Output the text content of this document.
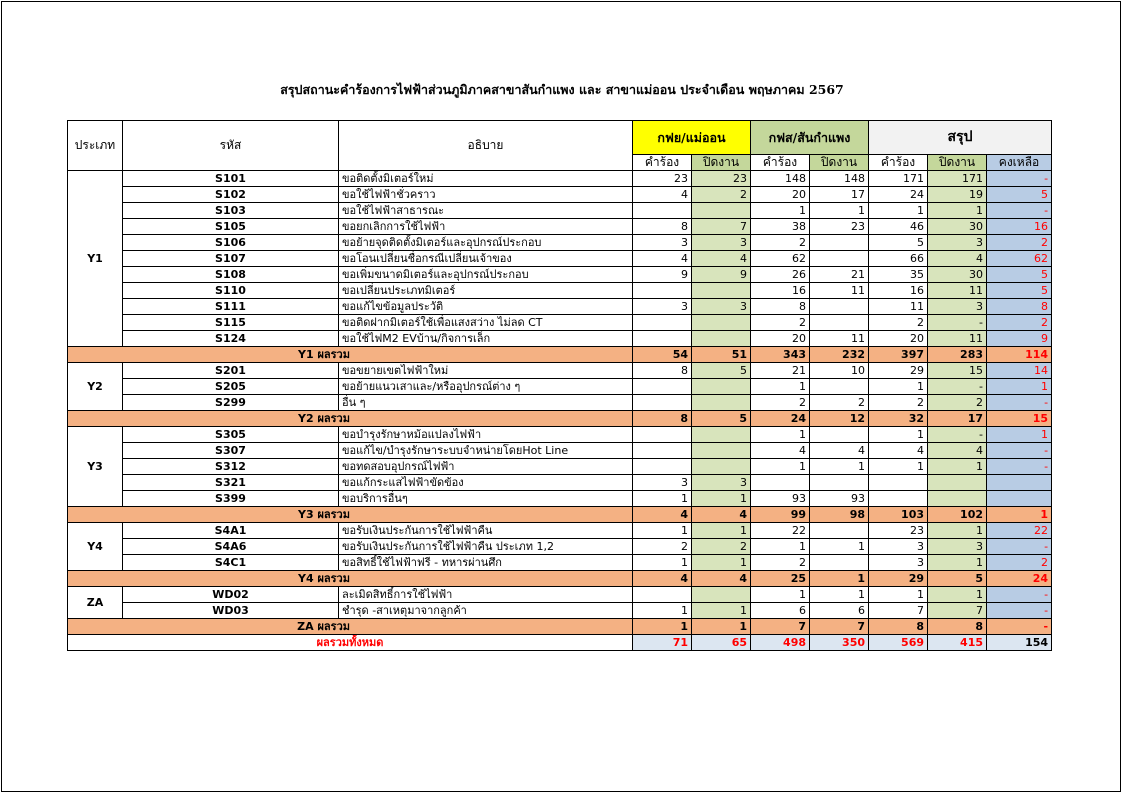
สรุปสถานะคำร้องการไฟฟ้าส่วนภูมิภาคสาขาสันกำแพง และ สาขาแม่ออน ประจำเดือน พฤษภาคม 2567
ประเภท	รหัส	อธิบาย	กฟย/แม่ออน		กฟส/สันกำแพง		สรุป		
			คำร้อง	ปิดงาน	คำร้อง	ปิดงาน	คำร้อง	ปิดงาน	คงเหลือ
Y1	S101	ขอติดตั้งมิเตอร์ใหม่	23	23	148	148	171	171	-
	S102	ขอใช้ไฟฟ้าชั่วคราว	4	2	20	17	24	19	5
	S103	ขอใช้ไฟฟ้าสาธารณะ			1	1	1	1	-
	S105	ขอยกเลิกการใช้ไฟฟ้า	8	7	38	23	46	30	16
	S106	ขอย้ายจุดติดตั้งมิเตอร์และอุปกรณ์ประกอบ	3	3	2		5	3	2
	S107	ขอโอนเปลี่ยนชื่อกรณีเปลี่ยนเจ้าของ	4	4	62		66	4	62
	S108	ขอเพิ่มขนาดมิเตอร์และอุปกรณ์ประกอบ	9	9	26	21	35	30	5
	S110	ขอเปลี่ยนประเภทมิเตอร์			16	11	16	11	5
	S111	ขอแก้ไขข้อมูลประวัติ	3	3	8		11	3	8
	S115	ขอติดฝากมิเตอร์ใช้เพื่อแสงสว่าง ไม่ลด CT			2		2	-	2
	S124	ขอใช้ไฟM2 EVบ้าน/กิจการเล็ก			20	11	20	11	9
Y1 ผลรวม			54	51	343	232	397	283	114
Y2	S201	ขอขยายเขตไฟฟ้าใหม่	8	5	21	10	29	15	14
	S205	ขอย้ายแนวเสาและ/หรืออุปกรณ์ต่าง ๆ			1		1	-	1
	S299	อื่น ๆ			2	2	2	2	-
Y2 ผลรวม			8	5	24	12	32	17	15
Y3	S305	ขอบำรุงรักษาหม้อแปลงไฟฟ้า			1		1	-	1
	S307	ขอแก้ไข/บำรุงรักษาระบบจำหน่ายโดยHot Line			4	4	4	4	-
	S312	ขอทดสอบอุปกรณ์ไฟฟ้า			1	1	1	1	-
	S321	ขอแก้กระแสไฟฟ้าขัดข้อง	3	3					
	S399	ขอบริการอื่นๆ	1	1	93	93			
Y3 ผลรวม			4	4	99	98	103	102	1
Y4	S4A1	ขอรับเงินประกันการใช้ไฟฟ้าคืน	1	1	22		23	1	22
	S4A6	ขอรับเงินประกันการใช้ไฟฟ้าคืน ประเภท 1,2	2	2	1	1	3	3	-
	S4C1	ขอสิทธิ์ใช้ไฟฟ้าฟรี - ทหารผ่านศึก	1	1	2		3	1	2
Y4 ผลรวม			4	4	25	1	29	5	24
ZA	WD02	ละเมิดสิทธิ์การใช้ไฟฟ้า			1	1	1	1	-
	WD03	ชำรุด -สาเหตุมาจากลูกค้า	1	1	6	6	7	7	-
ZA ผลรวม			1	1	7	7	8	8	-
ผลรวมทั้งหมด			71	65	498	350	569	415	154
